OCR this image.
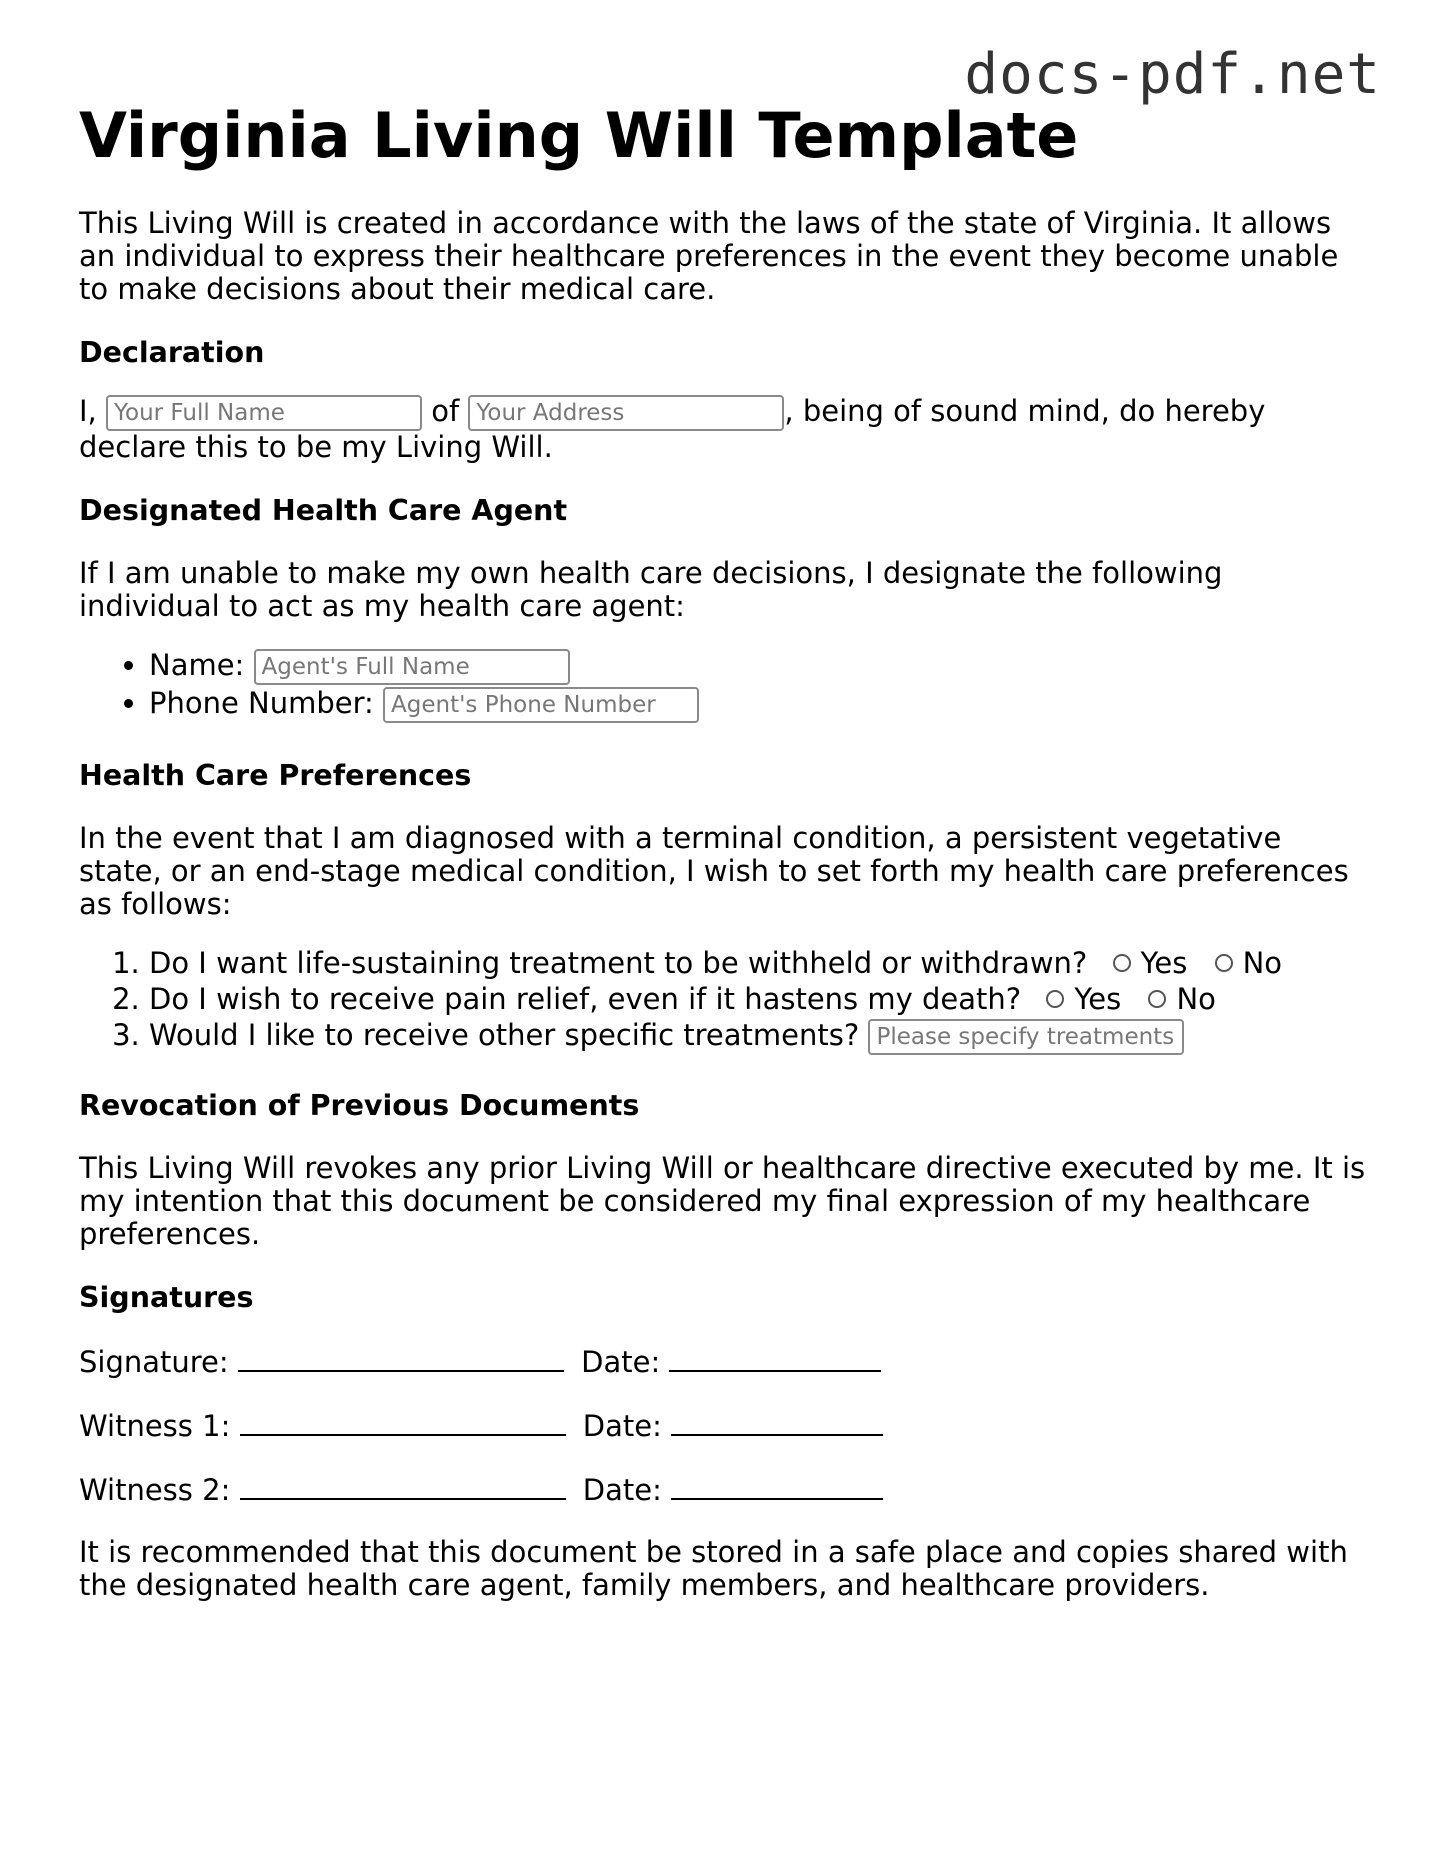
docs-pdf.net
Virginia Living Will Template

This Living Will is created in accordance with the laws of the state of Virginia. It allows an individual to express their healthcare preferences in the event they become unable to make decisions about their medical care.

Declaration

I, Your Full Name	of Your Address	, being of sound mind, do hereby declare this to be my Living Will.

Designated Health Care Agent

If I am unable to make my own health care decisions, I designate the following individual to act as my health care agent:

• Name: Agent's Full Name
• Phone Number: Agent's Phone Number
Health Care Preferences

In the event that I am diagnosed with a terminal condition, a persistent vegetative state, or an end-stage medical condition, I wish to set forth my health care preferences as follows:

1. Do I want life-sustaining treatment to be withheld or withdrawn? Yes No
2. Do I wish to receive pain relief, even if it hastens my death? Yes No
3. Would I like to receive other specific treatments? Please specify treatments
Revocation of Previous Documents

This Living Will revokes any prior Living Will or healthcare directive executed by me. It is my intention that this document be considered my final expression of my healthcare preferences.

Signatures

Signature:	Date:

Witness 1:	Date:

Witness 2:	Date:

It is recommended that this document be stored in a safe place and copies shared with the designated health care agent, family members, and healthcare providers.
